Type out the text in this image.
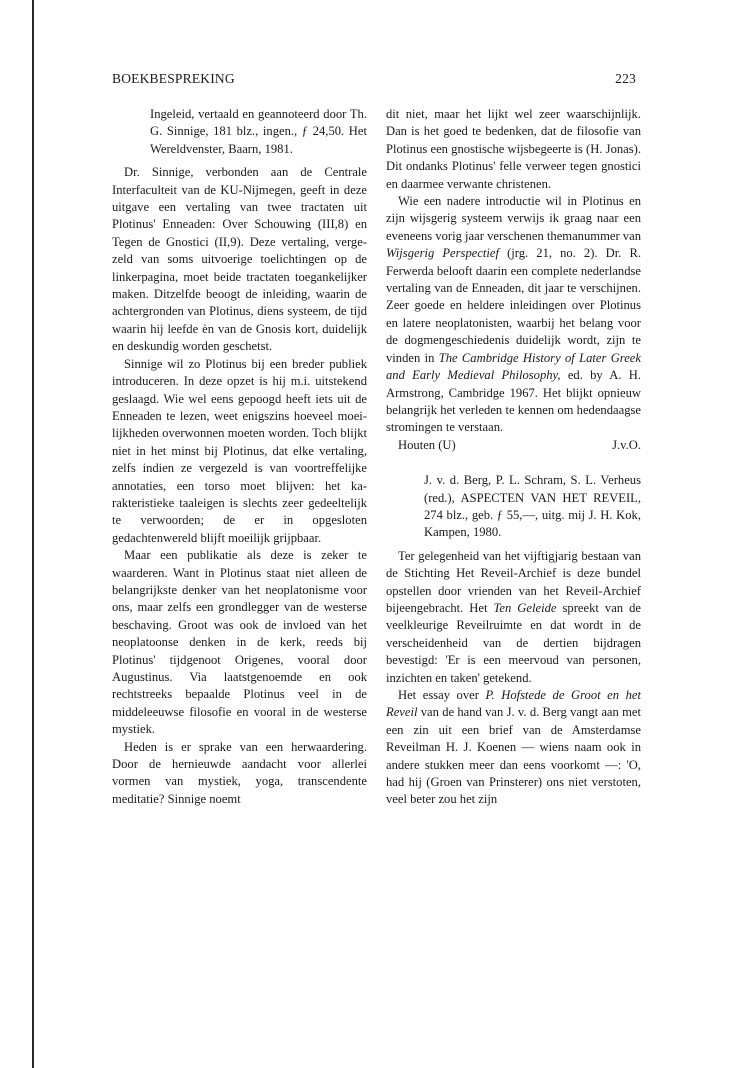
BOEKBESPREKING	223

Ingeleid, vertaald en geannoteerd door Th. G. Sinnige, 181 blz., ingen., ƒ 24,50. Het Wereldvenster, Baarn, 1981.

Dr. Sinnige, verbonden aan de Centrale Interfaculteit van de KU-Nijmegen, geeft in deze uitgave een vertaling van twee tractaten uit Plotinus' Enneaden: Over Schouwing (III,8) en Tegen de Gnostici (II,9). Deze vertaling, vergezeld van soms uitvoerige toelichtingen op de linkerpagina, moet beide tractaten toegankelijker maken. Ditzelfde beoogt de inleiding, waarin de achtergronden van Plotinus, diens systeem, de tijd waarin hij leefde èn van de Gnosis kort, duidelijk en deskundig worden geschetst.

Sinnige wil zo Plotinus bij een breder publiek introduceren. In deze opzet is hij m.i. uitstekend geslaagd. Wie wel eens gepoogd heeft iets uit de Enneaden te lezen, weet enigszins hoeveel moeilijkheden overwonnen moeten worden. Toch blijkt niet in het minst bij Plotinus, dat elke vertaling, zelfs indien ze vergezeld is van voortreffelijke annotaties, een torso moet blijven: het karakteristieke taaleigen is slechts zeer gedeeltelijk te verwoorden; de er in opgesloten gedachtenwereld blijft moeilijk grijpbaar.

Maar een publikatie als deze is zeker te waarderen. Want in Plotinus staat niet alleen de belangrijkste denker van het neoplatonisme voor ons, maar zelfs een grondlegger van de westerse beschaving. Groot was ook de invloed van het neoplatoonse denken in de kerk, reeds bij Plotinus' tijdgenoot Origenes, vooral door Augustinus. Via laatstgenoemde en ook rechtstreeks bepaalde Plotinus veel in de middeleeuwse filosofie en vooral in de westerse mystiek.

Heden is er sprake van een herwaardering. Door de hernieuwde aandacht voor allerlei vormen van mystiek, yoga, transcendente meditatie? Sinnige noemt

dit niet, maar het lijkt wel zeer waarschijnlijk. Dan is het goed te bedenken, dat de filosofie van Plotinus een gnostische wijsbegeerte is (H. Jonas). Dit ondanks Plotinus' felle verweer tegen gnostici en daarmee verwante christenen.

Wie een nadere introductie wil in Plotinus en zijn wijsgerig systeem verwijs ik graag naar een eveneens vorig jaar verschenen themanummer van Wijsgerig Perspectief (jrg. 21, no. 2). Dr. R. Ferwerda belooft daarin een complete nederlandse vertaling van de Enneaden, dit jaar te verschijnen. Zeer goede en heldere inleidingen over Plotinus en latere neoplatonisten, waarbij het belang voor de dogmengeschiedenis duidelijk wordt, zijn te vinden in The Cambridge History of Later Greek and Early Medieval Philosophy, ed. by A. H. Armstrong, Cambridge 1967. Het blijkt opnieuw belangrijk het verleden te kennen om hedendaagse stromingen te verstaan.

Houten (U)	J.v.O.

J. v. d. Berg, P. L. Schram, S. L. Verheus (red.), ASPECTEN VAN HET REVEIL, 274 blz., geb. ƒ 55,—, uitg. mij J. H. Kok, Kampen, 1980.

Ter gelegenheid van het vijftigjarig bestaan van de Stichting Het Reveil-Archief is deze bundel opstellen door vrienden van het Reveil-Archief bijeengebracht. Het Ten Geleide spreekt van de veelkleurige Reveilruimte en dat wordt in de verscheidenheid van de dertien bijdragen bevestigd: 'Er is een meervoud van personen, inzichten en taken' getekend.

Het essay over P. Hofstede de Groot en het Reveil van de hand van J. v. d. Berg vangt aan met een zin uit een brief van de Amsterdamse Reveilman H. J. Koenen — wiens naam ook in andere stukken meer dan eens voorkomt —: 'O, had hij (Groen van Prinsterer) ons niet verstoten, veel beter zou het zijn
